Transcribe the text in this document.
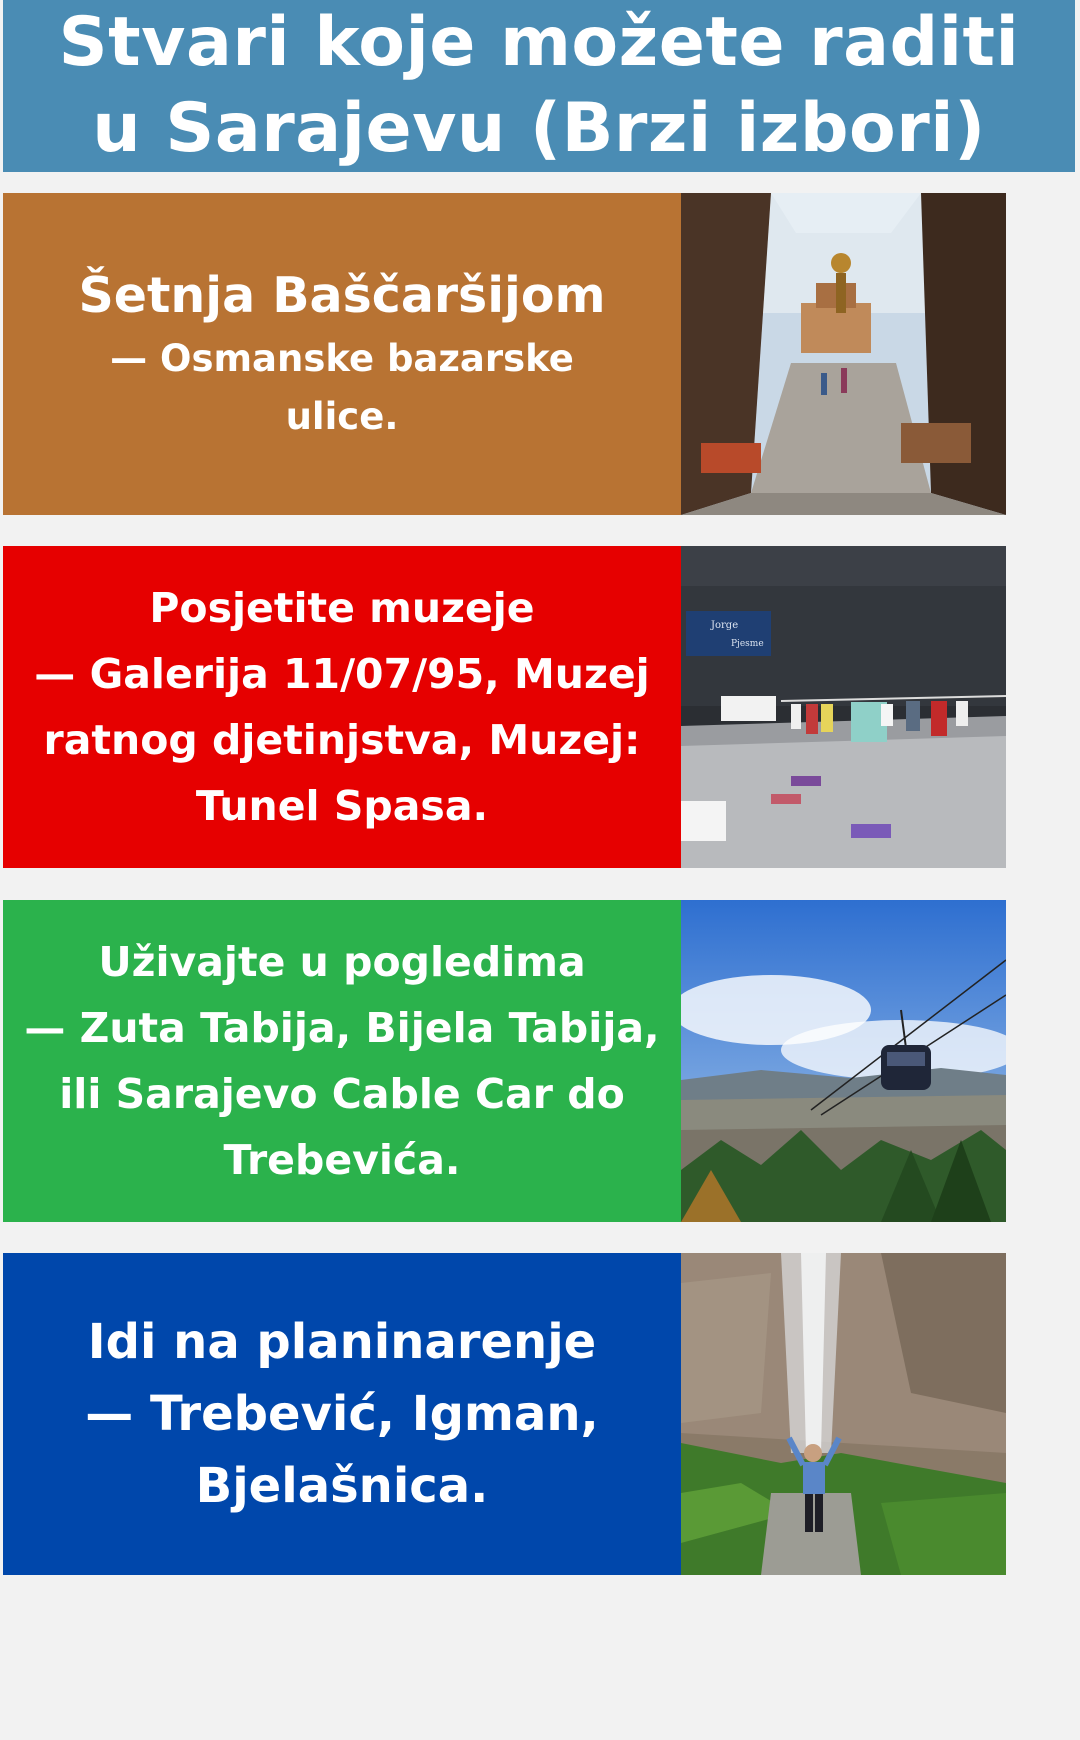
Stvari koje možete raditi
u Sarajevu (Brzi izbori)
Šetnja Baščaršijom
— Osmanske bazarske
ulice.
Posjetite muzeje
— Galerija 11/07/95, Muzej
ratnog djetinjstva, Muzej:
Tunel Spasa.
Jorge
Pjesme
Uživajte u pogledima
— Zuta Tabija, Bijela Tabija,
ili Sarajevo Cable Car do
Trebevića.
Idi na planinarenje
— Trebević, Igman,
Bjelašnica.
